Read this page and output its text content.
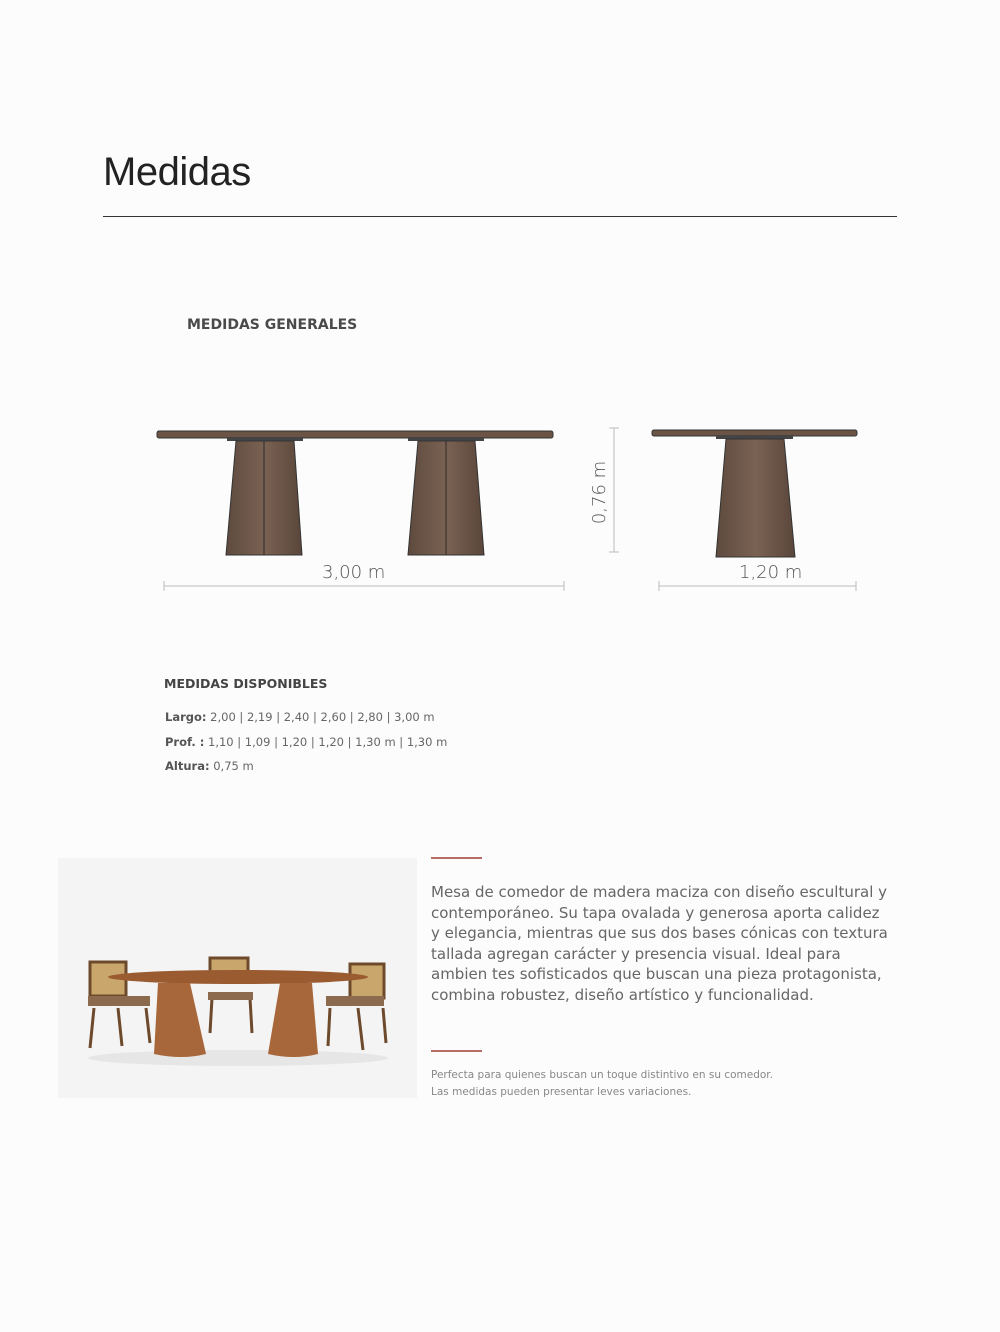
Medidas
MEDIDAS GENERALES
3,00 m	1,20 m
0,76 m
MEDIDAS DISPONIBLES
Largo: 2,00 | 2,19 | 2,40 | 2,60 | 2,80 | 3,00 m
Prof. : 1,10 | 1,09 | 1,20 | 1,20 | 1,30 m | 1,30 m
Altura: 0,75 m
Mesa de comedor de madera maciza con diseño escultural y contemporáneo. Su tapa ovalada y generosa aporta calidez y elegancia, mientras que sus dos bases cónicas con textura tallada agregan carácter y presencia visual. Ideal para ambien tes sofisticados que buscan una pieza protagonista, combina robustez, diseño artístico y funcionalidad.
Perfecta para quienes buscan un toque distintivo en su comedor.
Las medidas pueden presentar leves variaciones.
